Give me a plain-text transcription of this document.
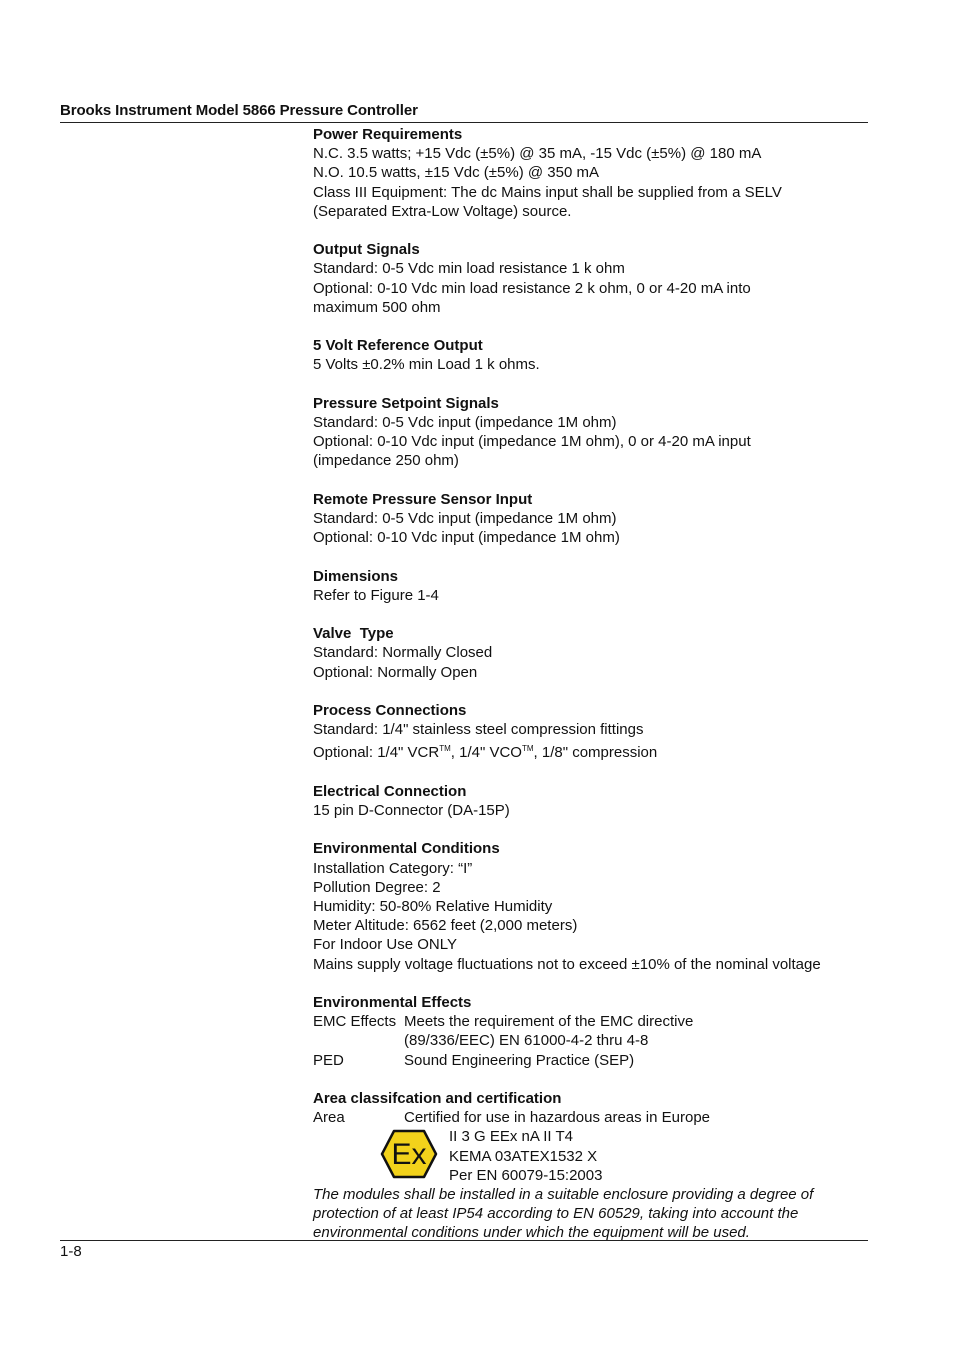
Brooks Instrument Model 5866 Pressure Controller
Power Requirements
N.C. 3.5 watts; +15 Vdc (±5%) @ 35 mA, -15 Vdc (±5%) @ 180 mA
N.O. 10.5 watts, ±15 Vdc (±5%) @ 350 mA
Class III Equipment: The dc Mains input shall be supplied from a SELV
(Separated Extra-Low Voltage) source.
Output Signals
Standard: 0-5 Vdc min load resistance 1 k ohm
Optional: 0-10 Vdc min load resistance 2 k ohm, 0 or 4-20 mA into
maximum 500 ohm
5 Volt Reference Output
5 Volts ±0.2% min Load 1 k ohms.
Pressure Setpoint Signals
Standard: 0-5 Vdc input (impedance 1M ohm)
Optional: 0-10 Vdc input (impedance 1M ohm), 0 or 4-20 mA input
(impedance 250 ohm)
Remote Pressure Sensor Input
Standard: 0-5 Vdc input (impedance 1M ohm)
Optional: 0-10 Vdc input (impedance 1M ohm)
Dimensions
Refer to Figure 1-4
Valve  Type
Standard: Normally Closed
Optional: Normally Open
Process Connections
Standard: 1/4" stainless steel compression fittings
Optional: 1/4" VCR™, 1/4" VCO™, 1/8" compression
Electrical Connection
15 pin D-Connector (DA-15P)
Environmental Conditions
Installation Category: “I”
Pollution Degree: 2
Humidity: 50-80% Relative Humidity
Meter Altitude: 6562 feet (2,000 meters)
For Indoor Use ONLY
Mains supply voltage fluctuations not to exceed ±10% of the nominal voltage
Environmental Effects
EMC Effects Meets the requirement of the EMC directive
(89/336/EEC) EN 61000-4-2 thru 4-8
PED	Sound Engineering Practice (SEP)
Area classifcation and certification
Area	Certified for use in hazardous areas in Europe
Ex
II 3 G EEx nA II T4
KEMA 03ATEX1532 X
Per EN 60079-15:2003
The modules shall be installed in a suitable enclosure providing a degree of protection of at least IP54 according to EN 60529, taking into account the environmental conditions under which the equipment will be used.
1-8
